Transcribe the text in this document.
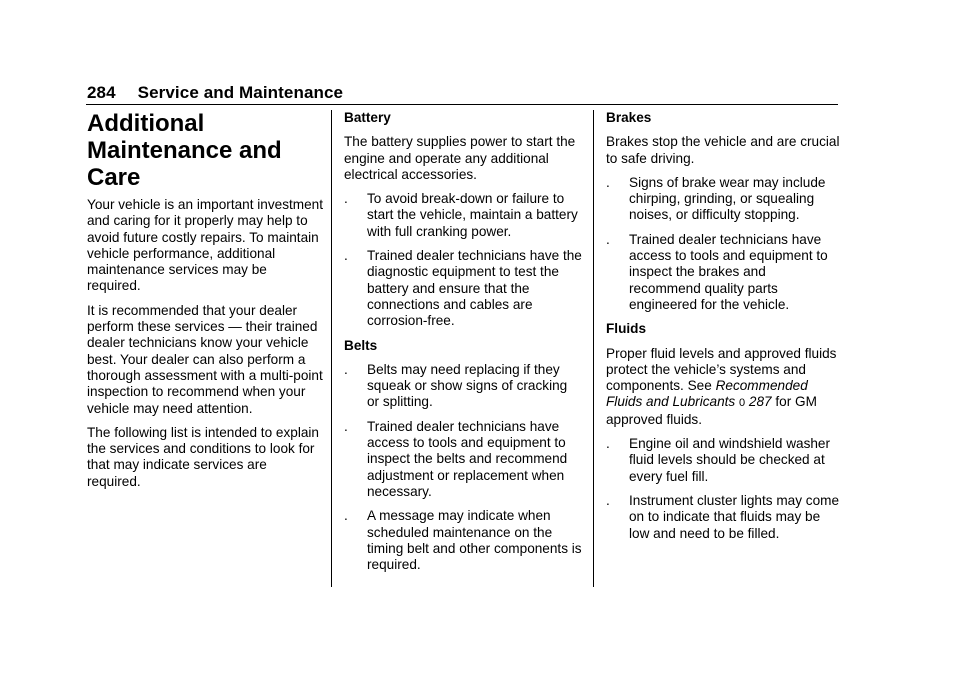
284 Service and Maintenance
Additional
Maintenance and Care

Your vehicle is an important investment and caring for it properly may help to avoid future costly repairs. To maintain vehicle performance, additional maintenance services may be required.

It is recommended that your dealer perform these services — their trained dealer technicians know your vehicle best. Your dealer can also perform a thorough assessment with a multi-point inspection to recommend when your vehicle may need attention.

The following list is intended to explain the services and conditions to look for that may indicate services are required.

Battery

The battery supplies power to start the engine and operate any additional electrical accessories.

. To avoid break-down or failure to start the vehicle, maintain a battery with full cranking power.
. Trained dealer technicians have the diagnostic equipment to test the battery and ensure that the connections and cables are corrosion-free.
Belts
. Belts may need replacing if they squeak or show signs of cracking or splitting.
. Trained dealer technicians have access to tools and equipment to inspect the belts and recommend adjustment or replacement when necessary.
. A message may indicate when scheduled maintenance on the timing belt and other components is required.
Brakes

Brakes stop the vehicle and are crucial to safe driving.

. Signs of brake wear may include chirping, grinding, or squealing noises, or difficulty stopping.
. Trained dealer technicians have access to tools and equipment to inspect the brakes and recommend quality parts engineered for the vehicle.
Fluids

Proper fluid levels and approved fluids protect the vehicle’s systems and components. See Recommended Fluids and Lubricants 0 287 for GM approved fluids.

. Engine oil and windshield washer fluid levels should be checked at every fuel fill.
. Instrument cluster lights may come on to indicate that fluids may be low and need to be filled.
